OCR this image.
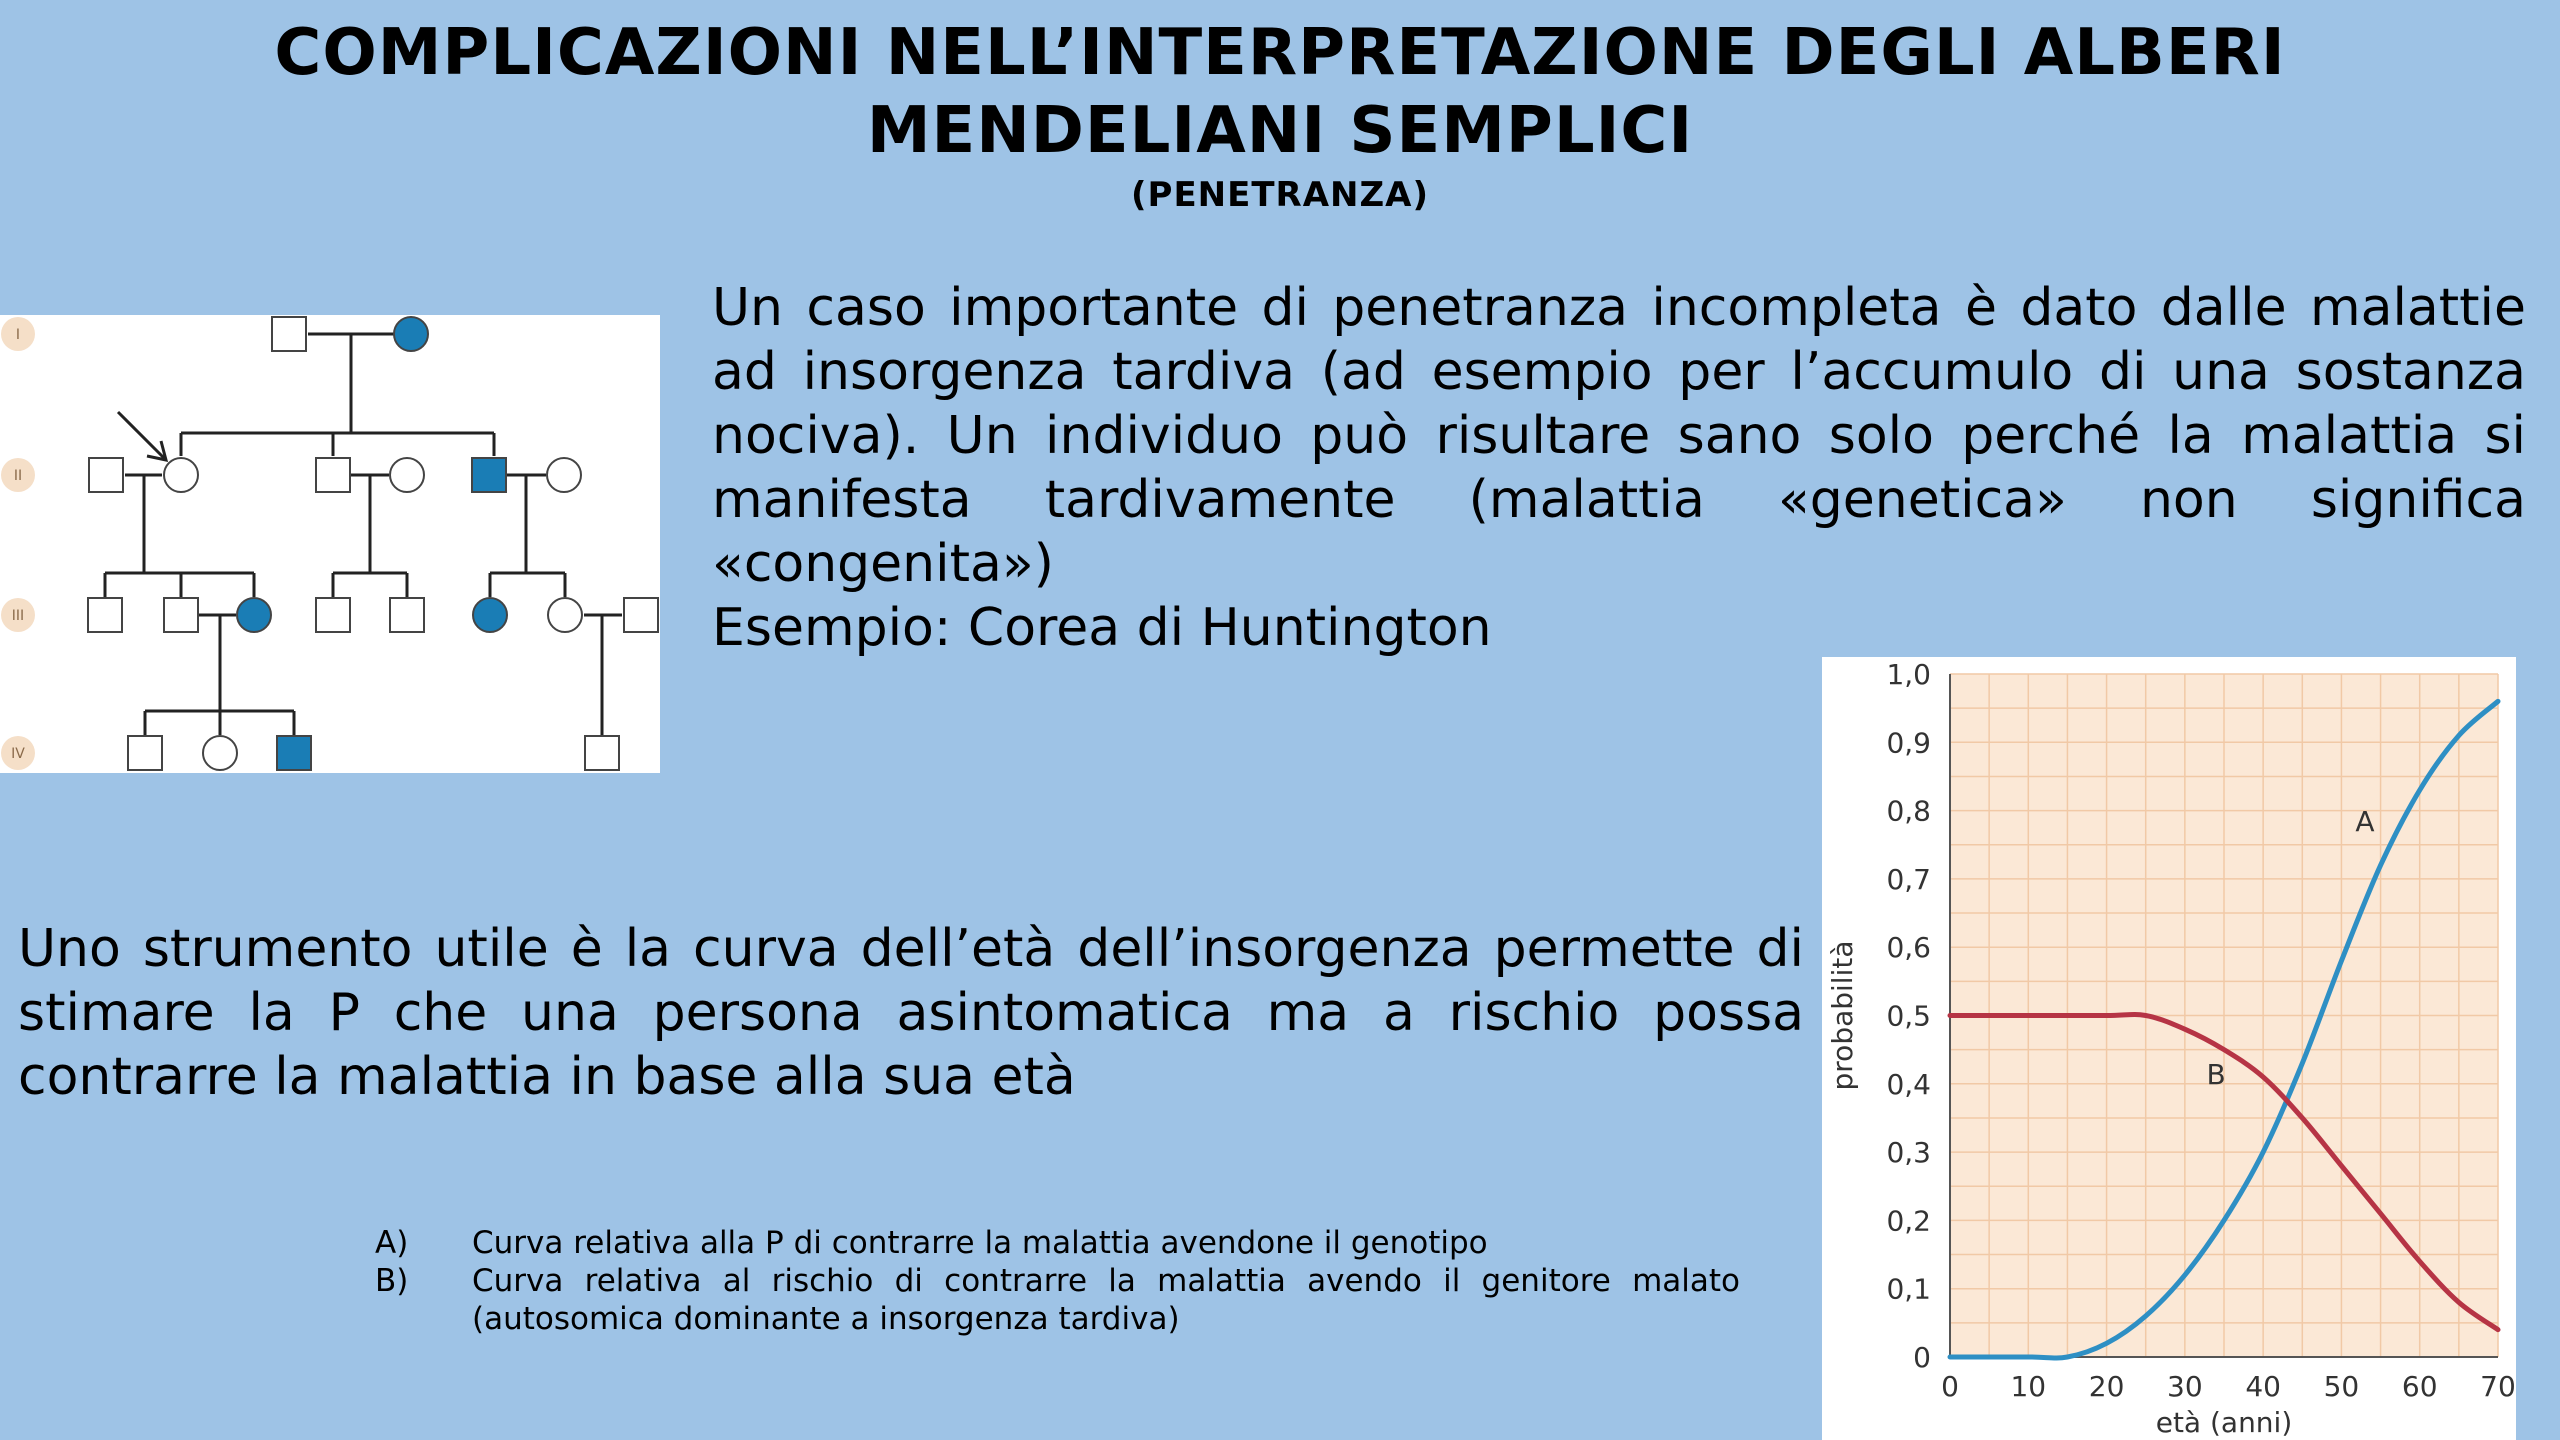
COMPLICAZIONI NELL’INTERPRETAZIONE DEGLI ALBERI
MENDELIANI SEMPLICI
(PENETRANZA)
I
II
III
IV

Un caso importante di penetranza incompleta è dato dalle malattie ad insorgenza tardiva (ad esempio per l’accumulo di una sostanza nociva). Un individuo può risultare sano solo perché la malattia si manifesta tardivamente (malattia «genetica» non significa «congenita»)

Esempio: Corea di Huntington

Uno strumento utile è la curva dell’età dell’insorgenza permette di stimare la P che una persona asintomatica ma a rischio possa contrarre la malattia in base alla sua età
A)	Curva relativa alla P di contrarre la malattia avendone il genotipo
B)	Curva relativa al rischio di contrarre la malattia avendo il genitore malato (autosomica dominante a insorgenza tardiva)
0 10 20 30 40 50 60 70
0
0,1
0,2
0,3
0,4
0,5
0,6
0,7
0,8
0,9
1,0
età (anni)
probabilità
A
B
